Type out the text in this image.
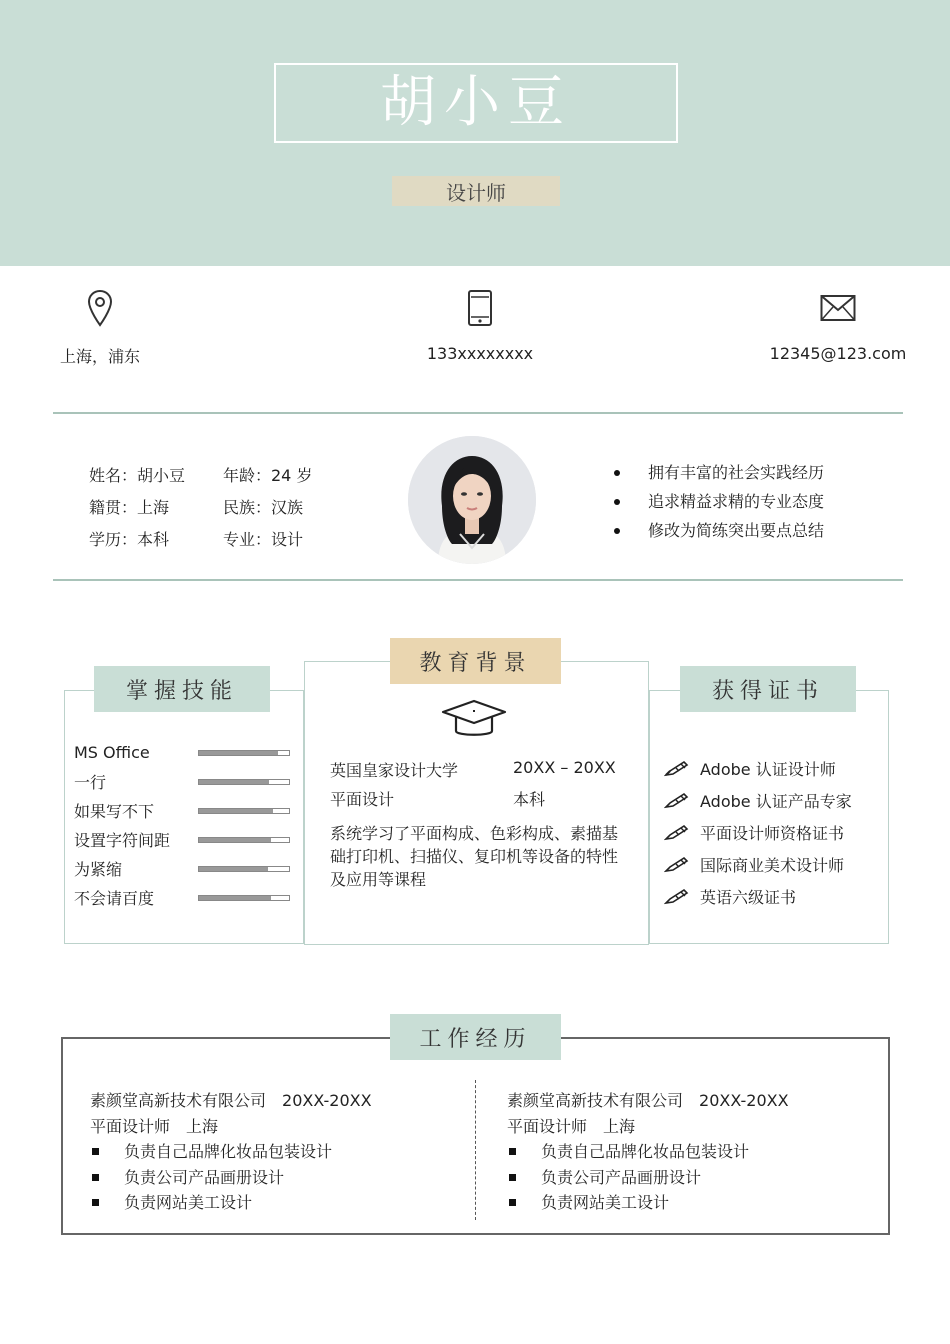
胡小豆
设计师
上海，浦东	133xxxxxxxx	12345@123.com
姓名：胡小豆	年龄：24 岁
籍贯：上海	民族：汉族
学历：本科	专业：设计
拥有丰富的社会实践经历
追求精益求精的专业态度
修改为简练突出要点总结
掌握技能
教育背景
获得证书
MS Office
一行
如果写不下
设置字符间距
为紧缩
不会请百度
英国皇家设计大学	20XX – 20XX
平面设计	本科
系统学习了平面构成、色彩构成、素描基础打印机、扫描仪、复印机等设备的特性及应用等课程
Adobe 认证设计师
Adobe 认证产品专家
平面设计师资格证书
国际商业美术设计师
英语六级证书
工作经历
素颜堂高新技术有限公司 20XX-20XX
平面设计师 上海
负责自己品牌化妆品包装设计
负责公司产品画册设计
负责网站美工设计
素颜堂高新技术有限公司 20XX-20XX
平面设计师 上海
负责自己品牌化妆品包装设计
负责公司产品画册设计
负责网站美工设计
